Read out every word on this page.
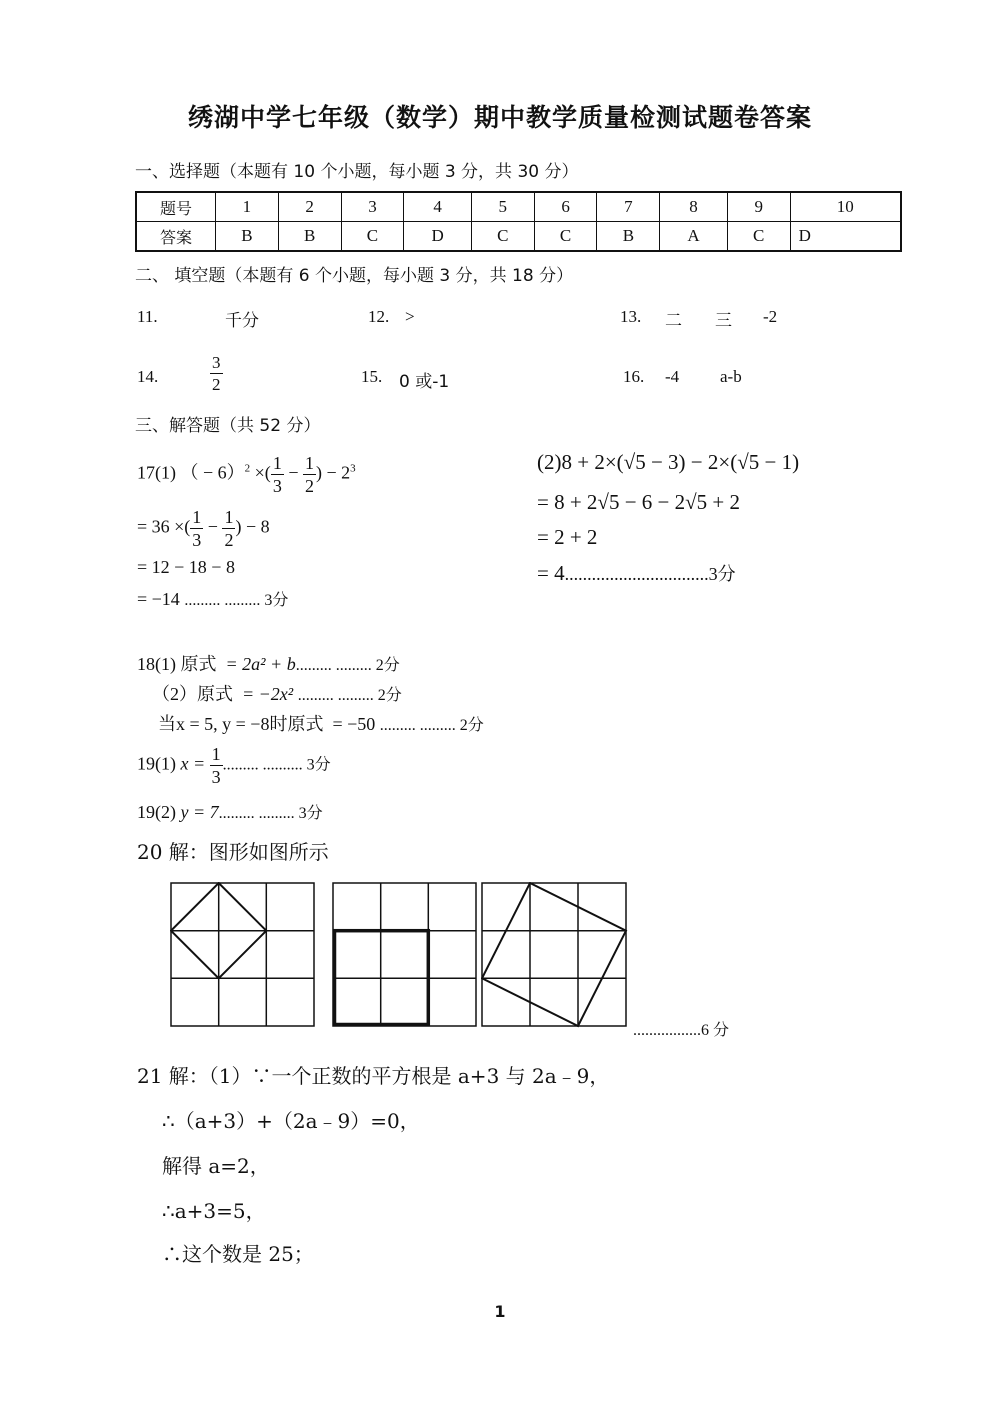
绣湖中学七年级（数学）期中教学质量检测试题卷答案
一、选择题（本题有 10 个小题，每小题 3 分，共 30 分）
题号	1	2	3	4	5	6	7	8	9	10
答案	B	B	C	D	C	C	B	A	C	D
二、 填空题（本题有 6 个小题，每小题 3 分，共 18 分）
11.	千分	12. >	13. 二 三 -2
14.	$\frac{3}{2}$	15. 0 或-1	16. -4 a-b
三、解答题（共 52 分）
17(1) （ − 6）$^2$ ×( $\frac{1}{3} - \frac{1}{2}$ ) − $2^3$
= 36 ×( $\frac{1}{3} - \frac{1}{2}$ ) − 8
= 12 − 18 − 8
= −14 ......... ......... 3分
(2)8 + 2×(√5 − 3) − 2×(√5 − 1)
= 8 + 2√5 − 6 − 2√5 + 2
= 2 + 2
= 4................................3分
18(1) 原式 = 2a² + b......... ......... 2分
（2）原式 = −2x² ......... ......... 2分
当x = 5, y = −8时原式 = −50 ......... ......... 2分
19(1) $x = \frac{1}{3}$ ......... .......... 3分
19(2) y = 7......... ......... 3分
20 解：图形如图所示
.................6 分
21 解：（1）∵一个正数的平方根是 a+3 与 2a﹣9，
∴（a+3）+（2a﹣9）=0，
解得 a=2，
∴a+3=5，
∴这个数是 25；
1
